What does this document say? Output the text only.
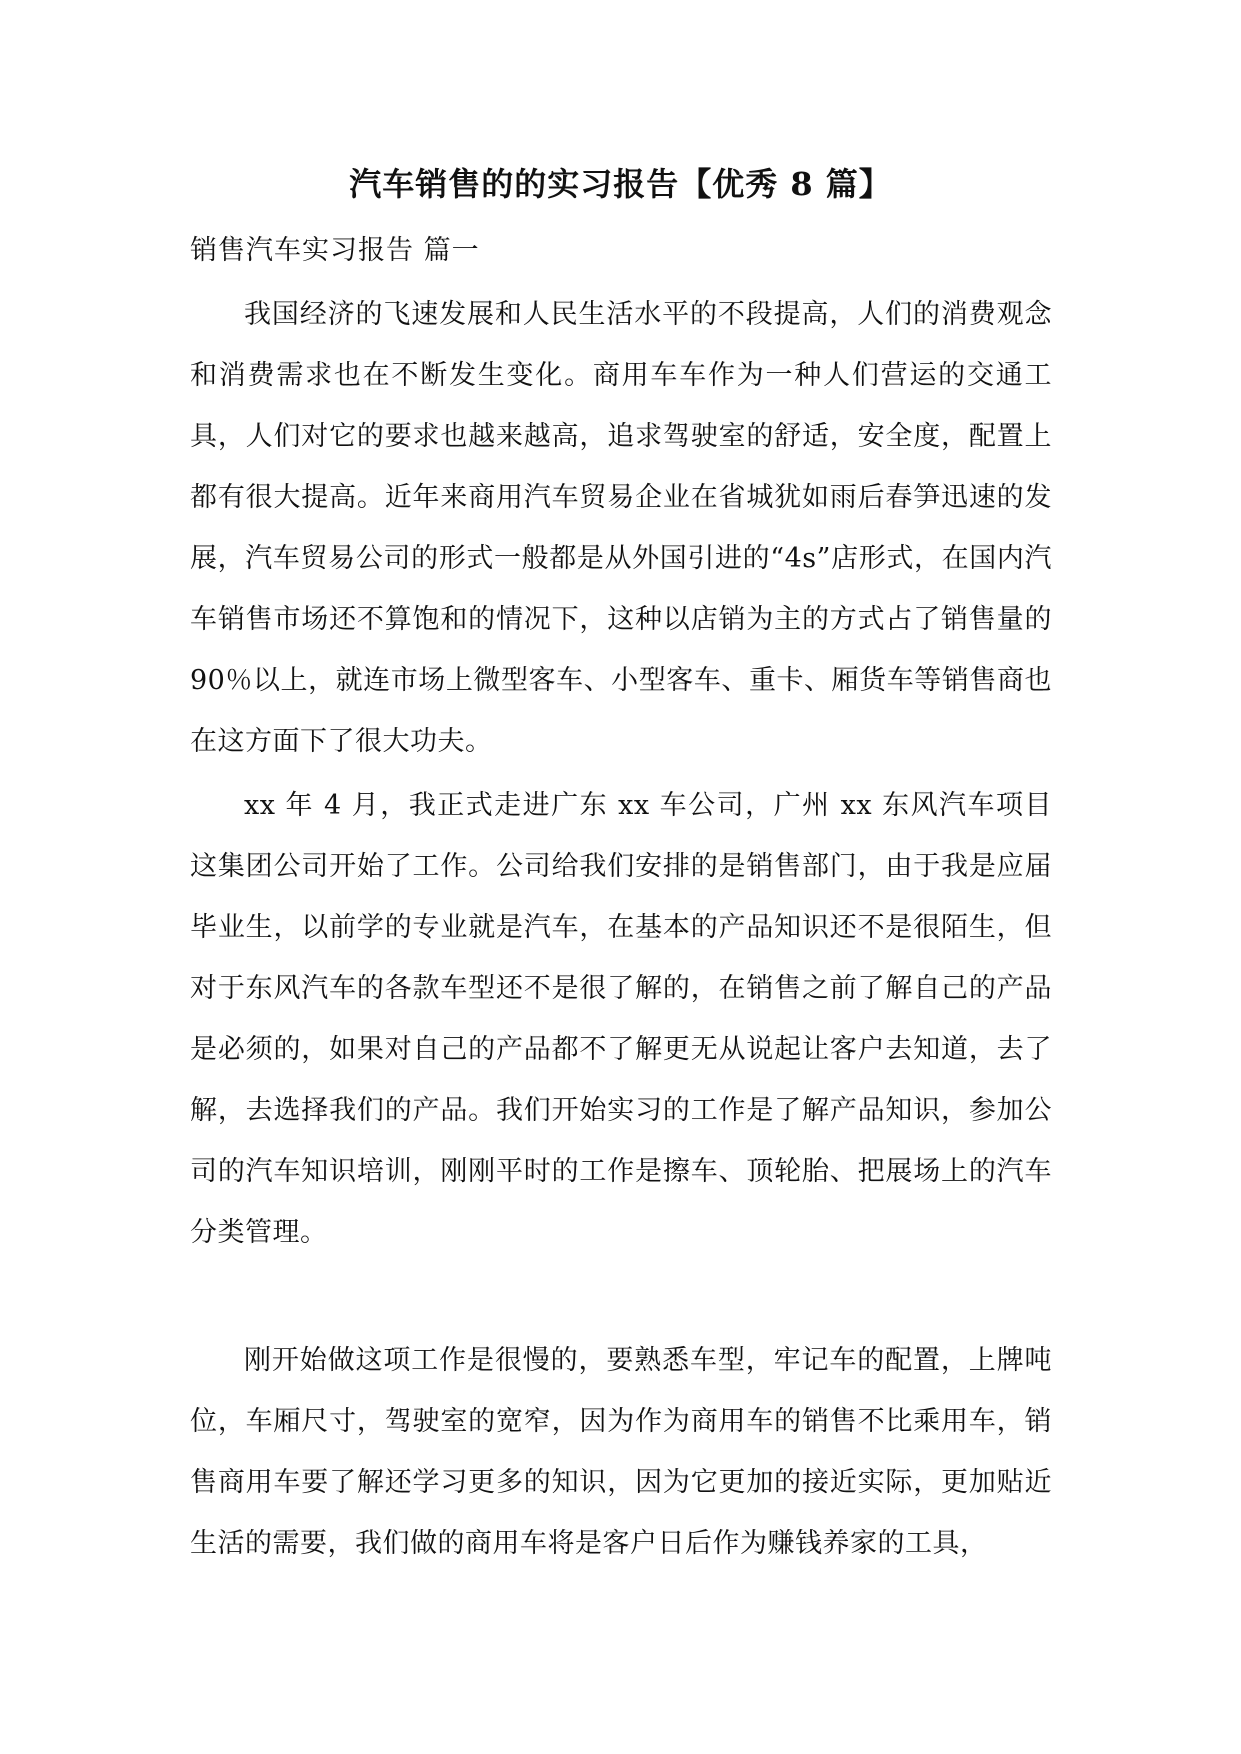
汽车销售的的实习报告【优秀 8 篇】

销售汽车实习报告 篇一

我国经济的飞速发展和人民生活水平的不段提高，人们的消费观念和消费需求也在不断发生变化。商用车车作为一种人们营运的交通工具，人们对它的要求也越来越高，追求驾驶室的舒适，安全度，配置上都有很大提高。近年来商用汽车贸易企业在省城犹如雨后春笋迅速的发展，汽车贸易公司的形式一般都是从外国引进的“4s”店形式，在国内汽车销售市场还不算饱和的情况下，这种以店销为主的方式占了销售量的 90％以上，就连市场上微型客车、小型客车、重卡、厢货车等销售商也在这方面下了很大功夫。

xx 年 4 月，我正式走进广东 xx 车公司，广州 xx 东风汽车项目这集团公司开始了工作。公司给我们安排的是销售部门，由于我是应届毕业生，以前学的专业就是汽车，在基本的产品知识还不是很陌生，但对于东风汽车的各款车型还不是很了解的，在销售之前了解自己的产品是必须的，如果对自己的产品都不了解更无从说起让客户去知道，去了解，去选择我们的产品。我们开始实习的工作是了解产品知识，参加公司的汽车知识培训，刚刚平时的工作是擦车、顶轮胎、把展场上的汽车分类管理。

刚开始做这项工作是很慢的，要熟悉车型，牢记车的配置，上牌吨位，车厢尺寸，驾驶室的宽窄，因为作为商用车的销售不比乘用车，销售商用车要了解还学习更多的知识，因为它更加的接近实际，更加贴近生活的需要，我们做的商用车将是客户日后作为赚钱养家的工具，
